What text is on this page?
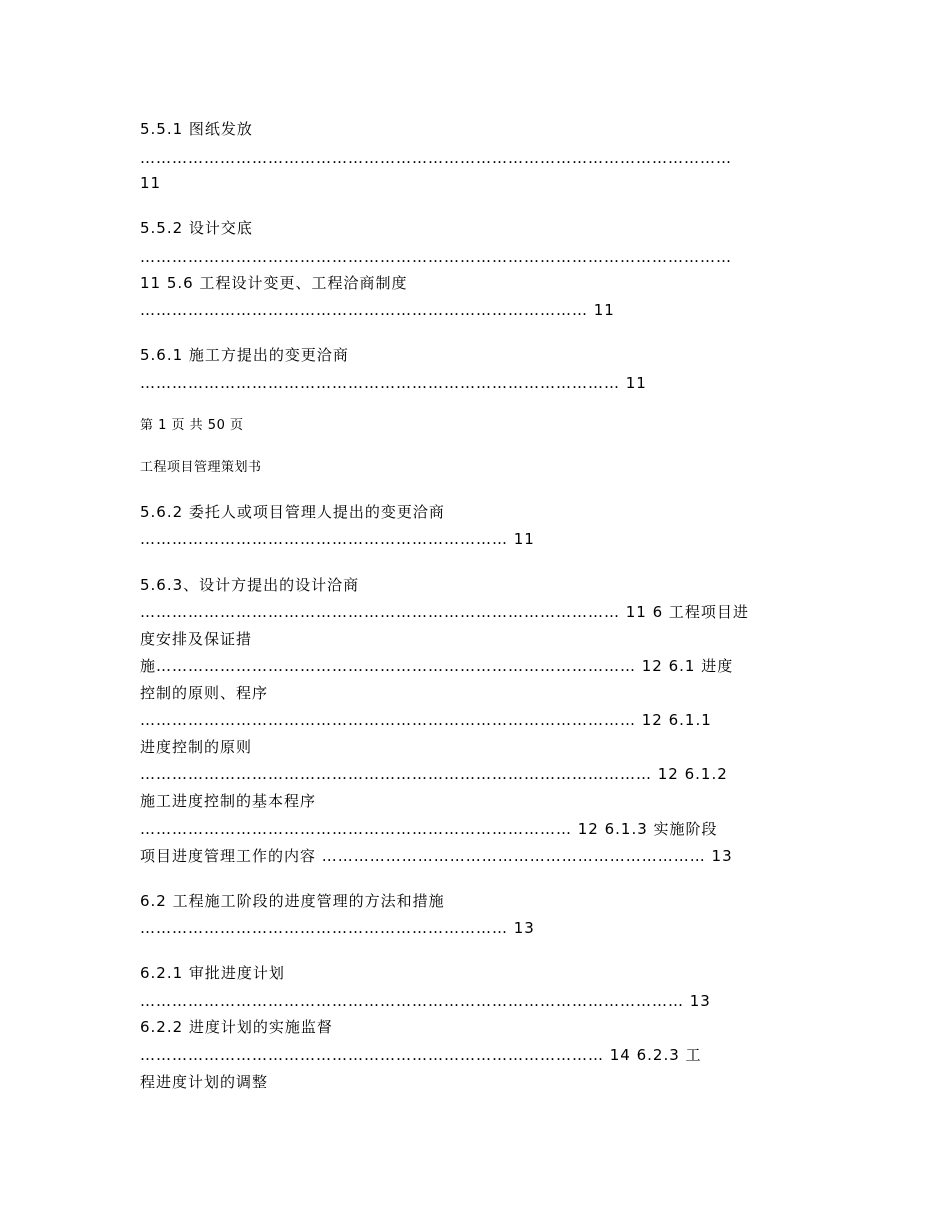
5.5.1 图纸发放

…………………………………………………………………………………………………

11

5.5.2 设计交底

…………………………………………………………………………………………………

11 5.6 工程设计变更、工程洽商制度

………………………………………………………………………… 11

5.6.1 施工方提出的变更洽商

……………………………………………………………………………… 11

第 1 页 共 50 页

工程项目管理策划书

5.6.2 委托人或项目管理人提出的变更洽商

…………………………………………………………… 11

5.6.3、设计方提出的设计洽商

……………………………………………………………………………… 11 6 工程项目进

度安排及保证措

施……………………………………………………………………………… 12 6.1 进度

控制的原则、程序

………………………………………………………………………………… 12 6.1.1

进度控制的原则

…………………………………………………………………………………… 12 6.1.2

施工进度控制的基本程序

……………………………………………………………………… 12 6.1.3 实施阶段

项目进度管理工作的内容 ……………………………………………………………… 13

6.2 工程施工阶段的进度管理的方法和措施

…………………………………………………………… 13

6.2.1 审批进度计划

………………………………………………………………………………………… 13

6.2.2 进度计划的实施监督

…………………………………………………………………………… 14 6.2.3 工

程进度计划的调整
